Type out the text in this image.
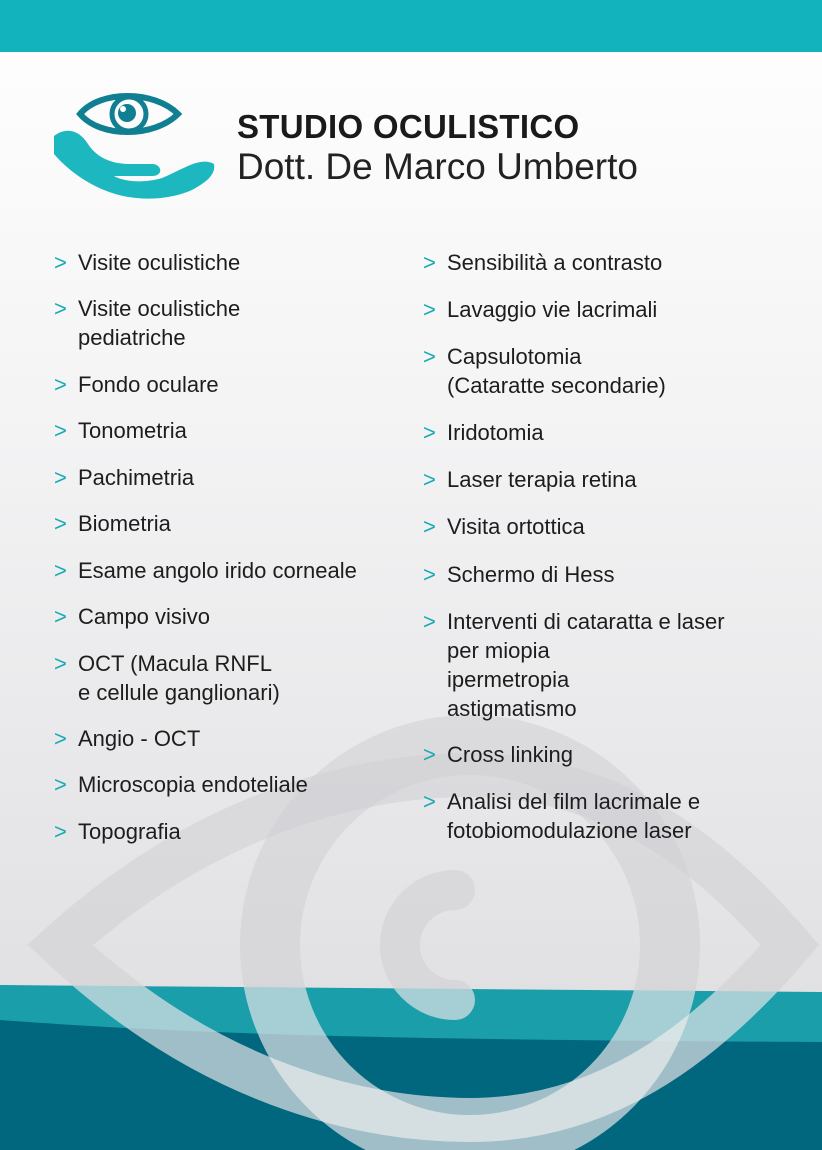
STUDIO OCULISTICO
Dott. De Marco Umberto
> Visite oculistiche
> Visite oculistiche
pediatriche
> Fondo oculare
> Tonometria
> Pachimetria
> Biometria
> Esame angolo irido corneale
> Campo visivo
> OCT (Macula RNFL
e cellule ganglionari)
> Angio - OCT
> Microscopia endoteliale
> Topografia
> Sensibilità a contrasto
> Lavaggio vie lacrimali
> Capsulotomia
(Cataratte secondarie)
> Iridotomia
> Laser terapia retina
> Visita ortottica
> Schermo di Hess
> Interventi di cataratta e laser
per miopia
ipermetropia
astigmatismo
> Cross linking
> Analisi del film lacrimale e
fotobiomodulazione laser
